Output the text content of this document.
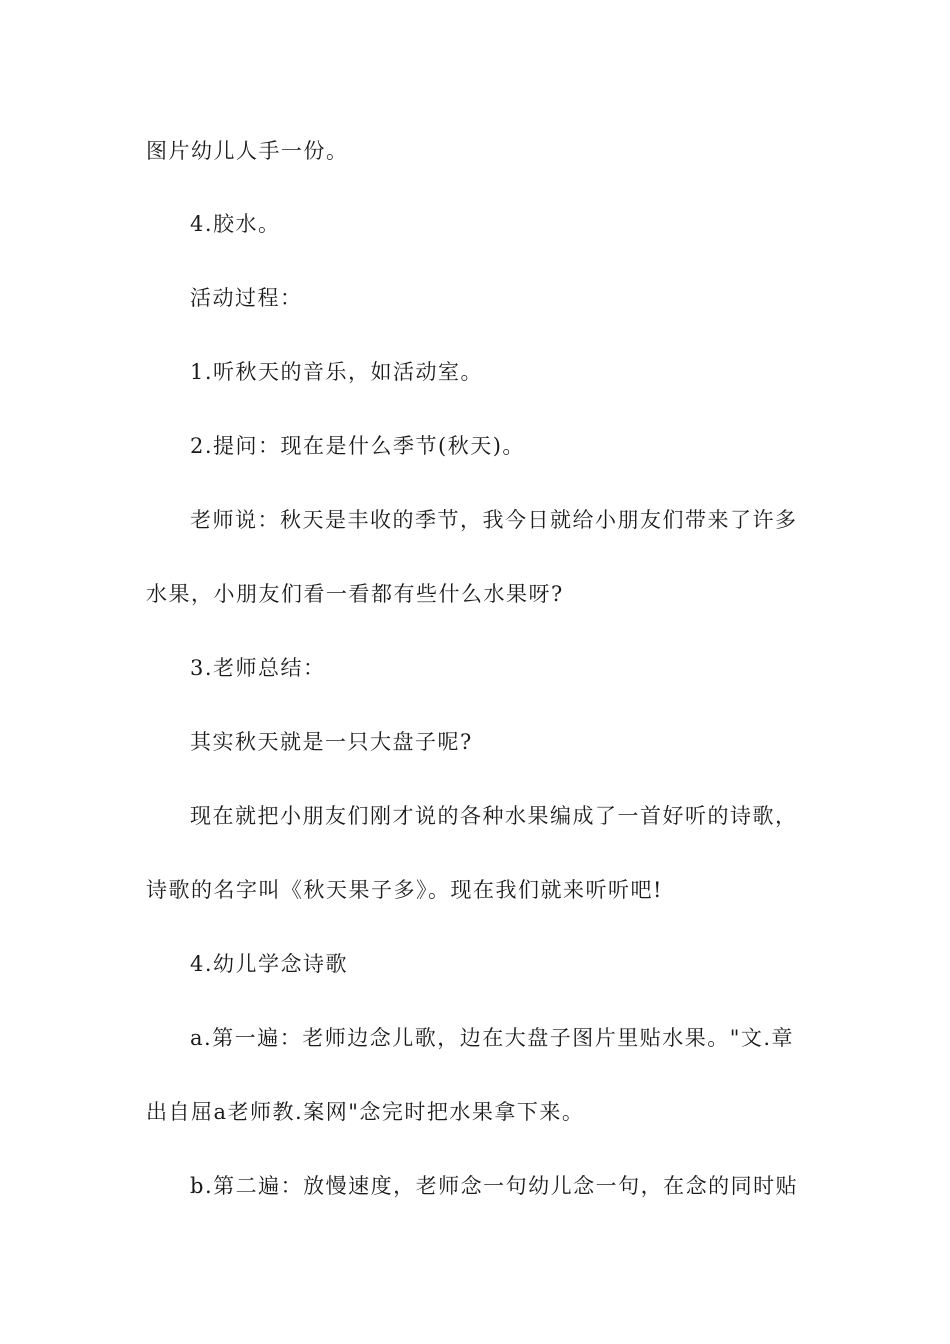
图片幼儿人手一份。
4.胶水。
活动过程：
1.听秋天的音乐，如活动室。
2.提问：现在是什么季节(秋天)。
老师说：秋天是丰收的季节，我今日就给小朋友们带来了许多
水果，小朋友们看一看都有些什么水果呀?
3.老师总结：
其实秋天就是一只大盘子呢?
现在就把小朋友们刚才说的各种水果编成了一首好听的诗歌，
诗歌的名字叫《秋天果子多》。现在我们就来听听吧!
4.幼儿学念诗歌
a.第一遍：老师边念儿歌，边在大盘子图片里贴水果。"文.章
出自屈a老师教.案网"念完时把水果拿下来。
b.第二遍：放慢速度，老师念一句幼儿念一句，在念的同时贴
